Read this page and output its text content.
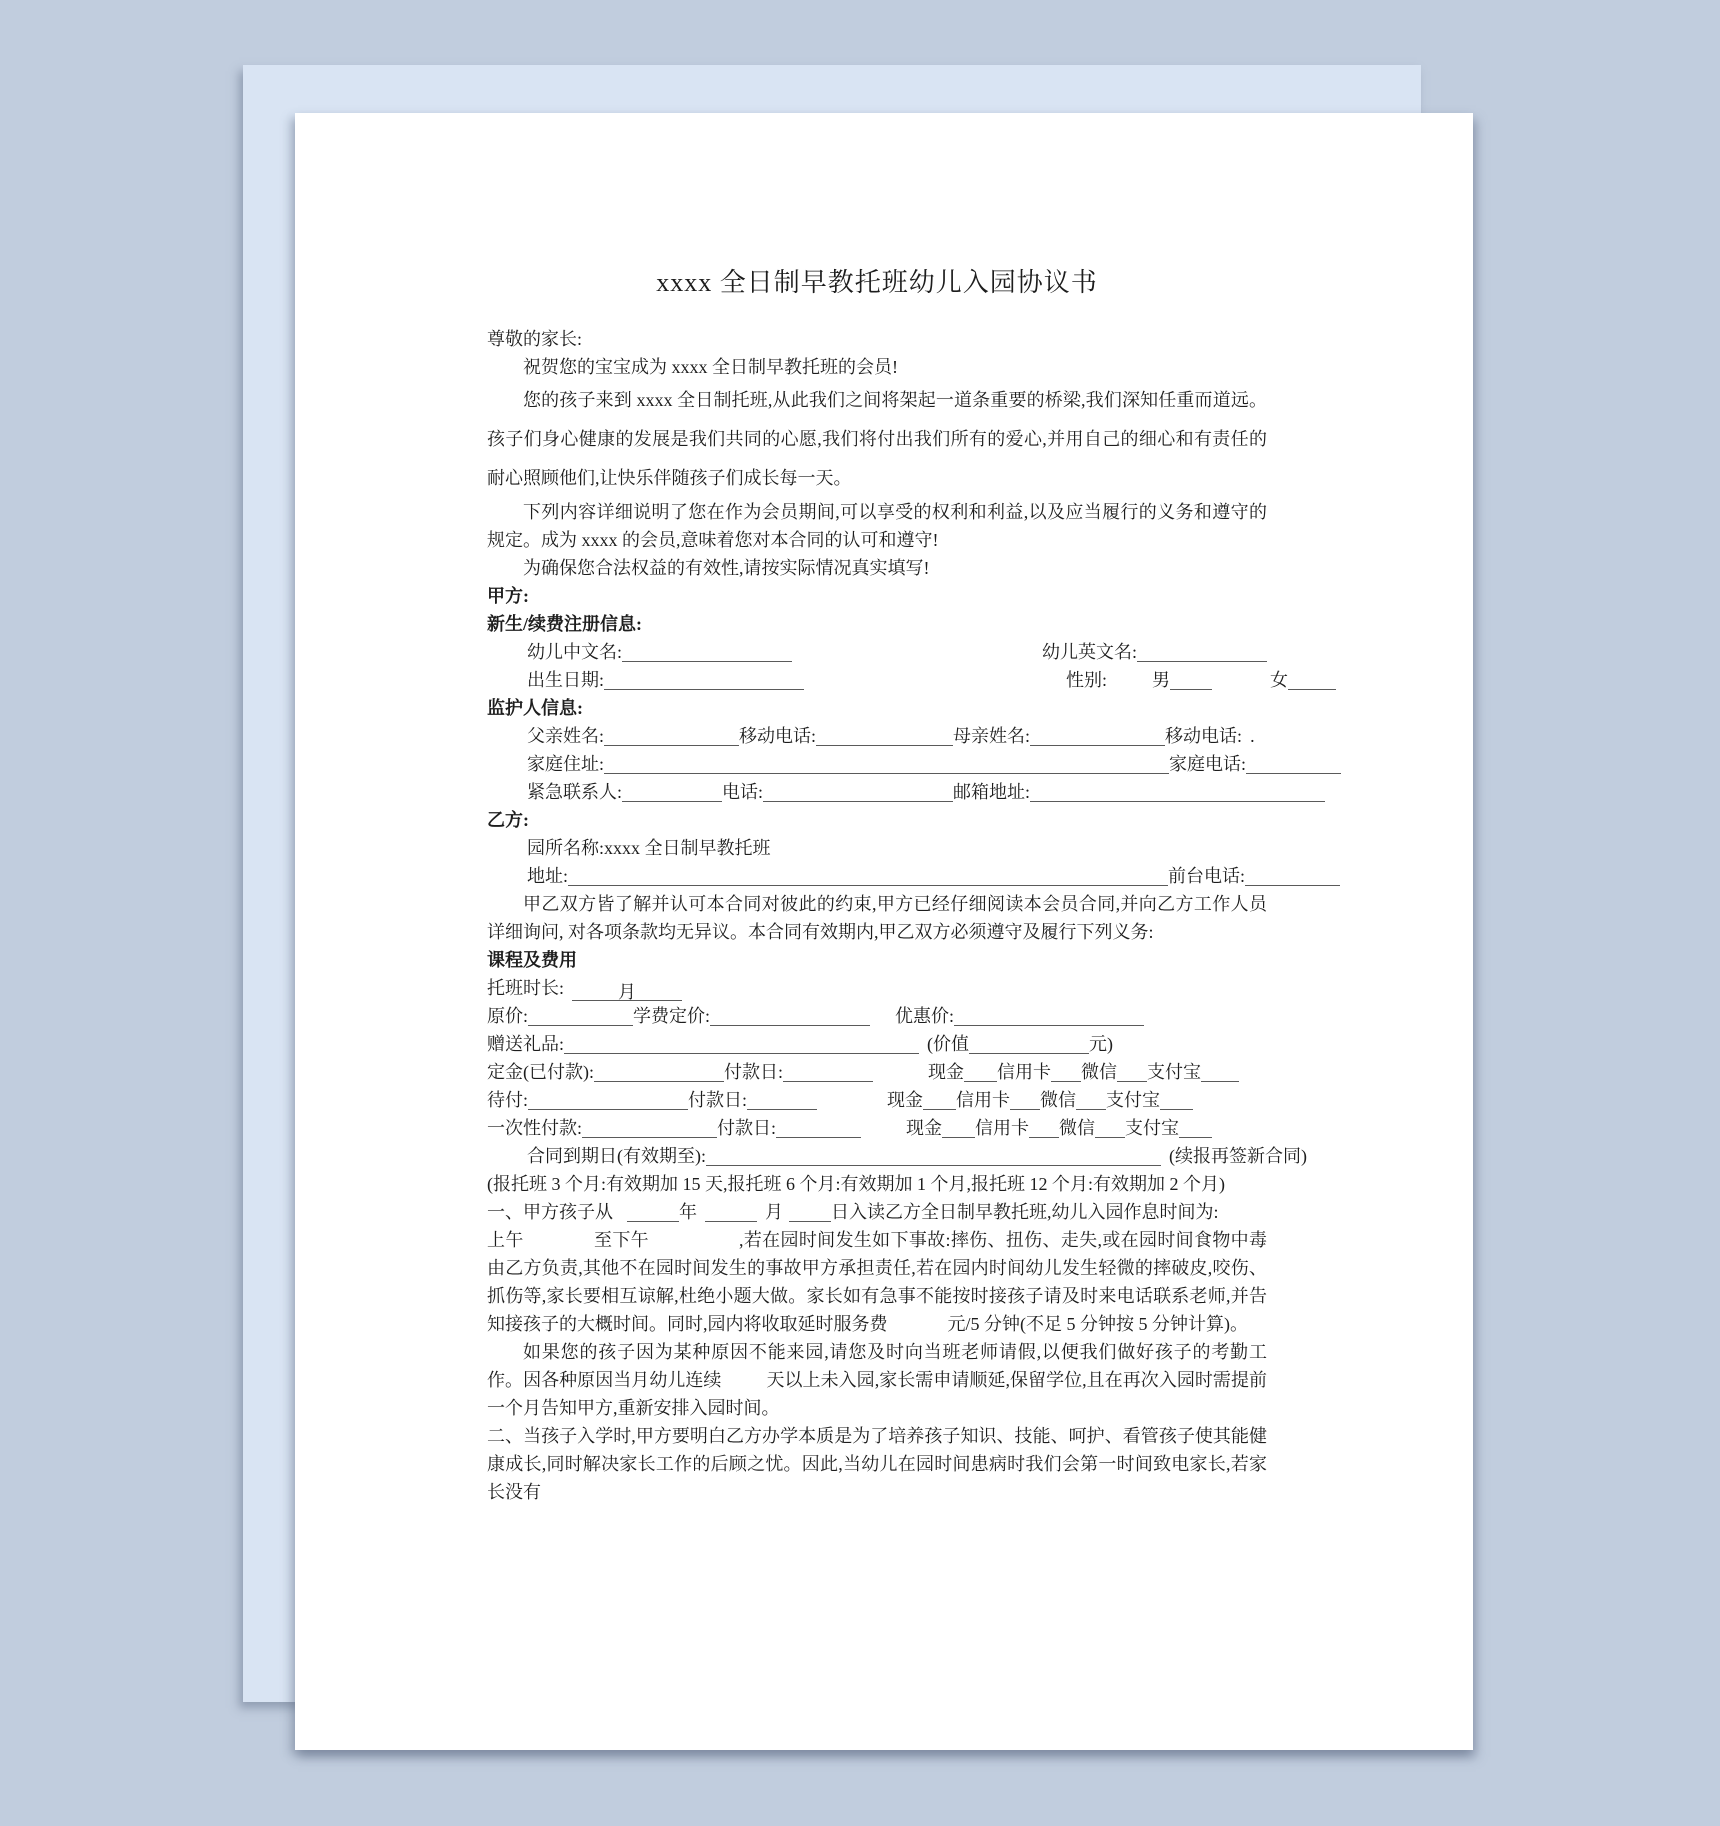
xxxx 全日制早教托班幼儿入园协议书
尊敬的家长:
祝贺您的宝宝成为 xxxx 全日制早教托班的会员!
您的孩子来到 xxxx 全日制托班,从此我们之间将架起一道条重要的桥梁,我们深知任重而道远。孩子们身心健康的发展是我们共同的心愿,我们将付出我们所有的爱心,并用自己的细心和有责任的耐心照顾他们,让快乐伴随孩子们成长每一天。
下列内容详细说明了您在作为会员期间,可以享受的权利和利益,以及应当履行的义务和遵守的规定。成为 xxxx 的会员,意味着您对本合同的认可和遵守!
为确保您合法权益的有效性,请按实际情况真实填写!
甲方:
新生/续费注册信息:
幼儿中文名:	幼儿英文名:
出生日期:	性别:	男	女
监护人信息:
父亲姓名:	移动电话:	母亲姓名:	移动电话: .
家庭住址:	家庭电话:
紧急联系人:	电话:	邮箱地址:
乙方:
园所名称:xxxx 全日制早教托班
地址:	前台电话:
甲乙双方皆了解并认可本合同对彼此的约束,甲方已经仔细阅读本会员合同,并向乙方工作人员详细询问, 对各项条款均无异议。本合同有效期内,甲乙双方必须遵守及履行下列义务:
课程及费用
托班时长:	月
原价:	学费定价:	优惠价:
赠送礼品:	(价值	元)
定金(已付款):	付款日:	现金 信用卡 微信 支付宝
待付:	付款日:	现金 信用卡 微信 支付宝
一次性付款:	付款日:	现金 信用卡 微信 支付宝
合同到期日(有效期至):	(续报再签新合同)
(报托班 3 个月:有效期加 15 天,报托班 6 个月:有效期加 1 个月,报托班 12 个月:有效期加 2 个月)
一、甲方孩子从	年	月	日入读乙方全日制早教托班,幼儿入园作息时间为:
上午	至下午	,若在园时间发生如下事故:摔伤、扭伤、走失,或在园时间食物中毒由乙方负责,其他不在园时间发生的事故甲方承担责任,若在园内时间幼儿发生轻微的摔破皮,咬伤、抓伤等,家长要相互谅解,杜绝小题大做。家长如有急事不能按时接孩子请及时来电话联系老师,并告知接孩子的大概时间。同时,园内将收取延时服务费	元/5 分钟(不足 5 分钟按 5 分钟计算)。
如果您的孩子因为某种原因不能来园,请您及时向当班老师请假,以便我们做好孩子的考勤工作。因各种原因当月幼儿连续	天以上未入园,家长需申请顺延,保留学位,且在再次入园时需提前一个月告知甲方,重新安排入园时间。
二、当孩子入学时,甲方要明白乙方办学本质是为了培养孩子知识、技能、呵护、看管孩子使其能健康成长,同时解决家长工作的后顾之忧。因此,当幼儿在园时间患病时我们会第一时间致电家长,若家长没有
